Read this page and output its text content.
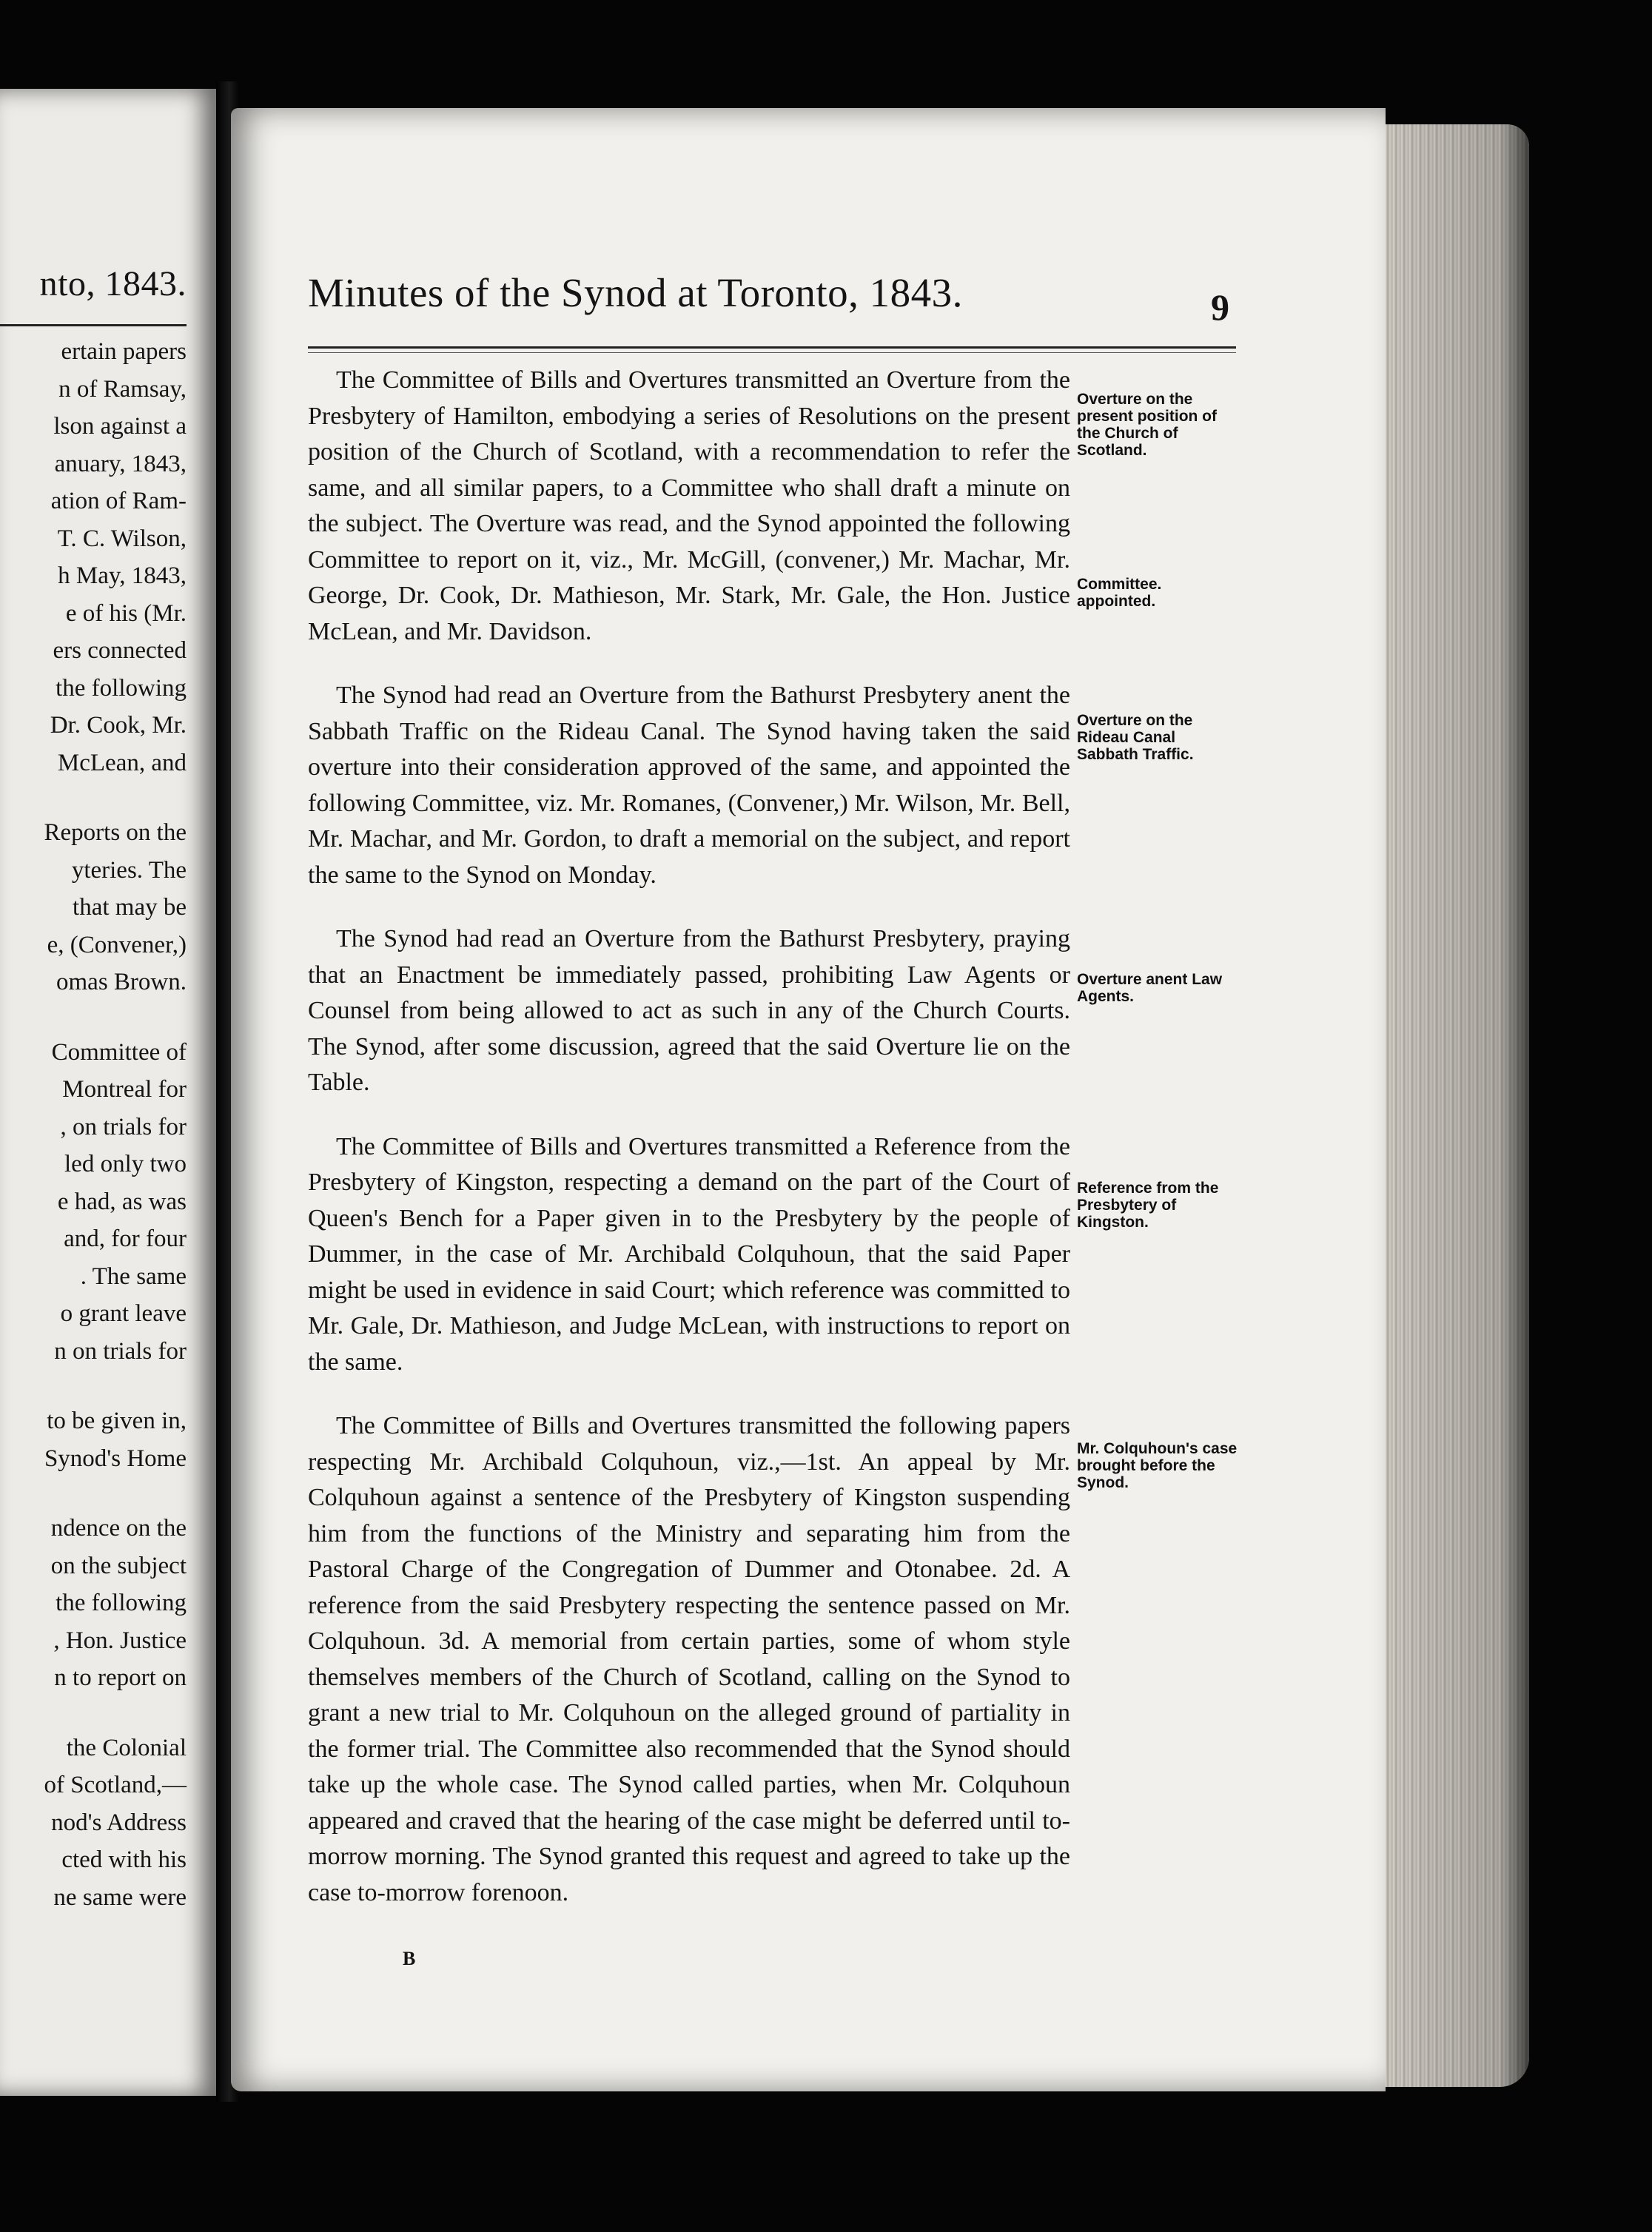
nto, 1843.
ertain papers
n of Ramsay,
lson against a
anuary, 1843,
ation of Ram-
T. C. Wilson,
h May, 1843,
e of his (Mr.
ers connected
the following
Dr. Cook, Mr.
McLean, and
Reports on the
yteries. The
that may be
e, (Convener,)
omas Brown.
Committee of
Montreal for
, on trials for
led only two
e had, as was
and, for four
. The same
o grant leave
n on trials for
to be given in,
Synod's Home
ndence on the
on the subject
the following
, Hon. Justice
n to report on
the Colonial
of Scotland,—
nod's Address
cted with his
ne same were
Minutes of the Synod at Toronto, 1843.	9

The Committee of Bills and Overtures transmitted an Overture from the Presbytery of Hamilton, embodying a series of Resolutions on the present position of the Church of Scotland, with a recommendation to refer the same, and all similar papers, to a Committee who shall draft a minute on the subject. The Overture was read, and the Synod appointed the following Committee to report on it, viz., Mr. McGill, (convener,) Mr. Machar, Mr. George, Dr. Cook, Dr. Mathieson, Mr. Stark, Mr. Gale, the Hon. Justice McLean, and Mr. Davidson.

The Synod had read an Overture from the Bathurst Presbytery anent the Sabbath Traffic on the Rideau Canal. The Synod having taken the said overture into their consideration approved of the same, and appointed the following Committee, viz. Mr. Romanes, (Convener,) Mr. Wilson, Mr. Bell, Mr. Machar, and Mr. Gordon, to draft a memorial on the subject, and report the same to the Synod on Monday.

The Synod had read an Overture from the Bathurst Presbytery, praying that an Enactment be immediately passed, prohibiting Law Agents or Counsel from being allowed to act as such in any of the Church Courts. The Synod, after some discussion, agreed that the said Overture lie on the Table.

The Committee of Bills and Overtures transmitted a Reference from the Presbytery of Kingston, respecting a demand on the part of the Court of Queen's Bench for a Paper given in to the Presbytery by the people of Dummer, in the case of Mr. Archibald Colquhoun, that the said Paper might be used in evidence in said Court; which reference was committed to Mr. Gale, Dr. Mathieson, and Judge McLean, with instructions to report on the same.

The Committee of Bills and Overtures transmitted the following papers respecting Mr. Archibald Colquhoun, viz.,—1st. An appeal by Mr. Colquhoun against a sentence of the Presbytery of Kingston suspending him from the functions of the Ministry and separating him from the Pastoral Charge of the Congregation of Dummer and Otonabee. 2d. A reference from the said Presbytery respecting the sentence passed on Mr. Colquhoun. 3d. A memorial from certain parties, some of whom style themselves members of the Church of Scotland, calling on the Synod to grant a new trial to Mr. Colquhoun on the alleged ground of partiality in the former trial. The Committee also recommended that the Synod should take up the whole case. The Synod called parties, when Mr. Colquhoun appeared and craved that the hearing of the case might be deferred until to-morrow morning. The Synod granted this request and agreed to take up the case to-morrow forenoon.

Overture on the present position of the Church of Scotland.
Committee. appointed.
Overture on the Rideau Canal Sabbath Traffic.
Overture anent Law Agents.
Reference from the Presbytery of Kingston.
Mr. Colquhoun's case brought before the Synod.
B
